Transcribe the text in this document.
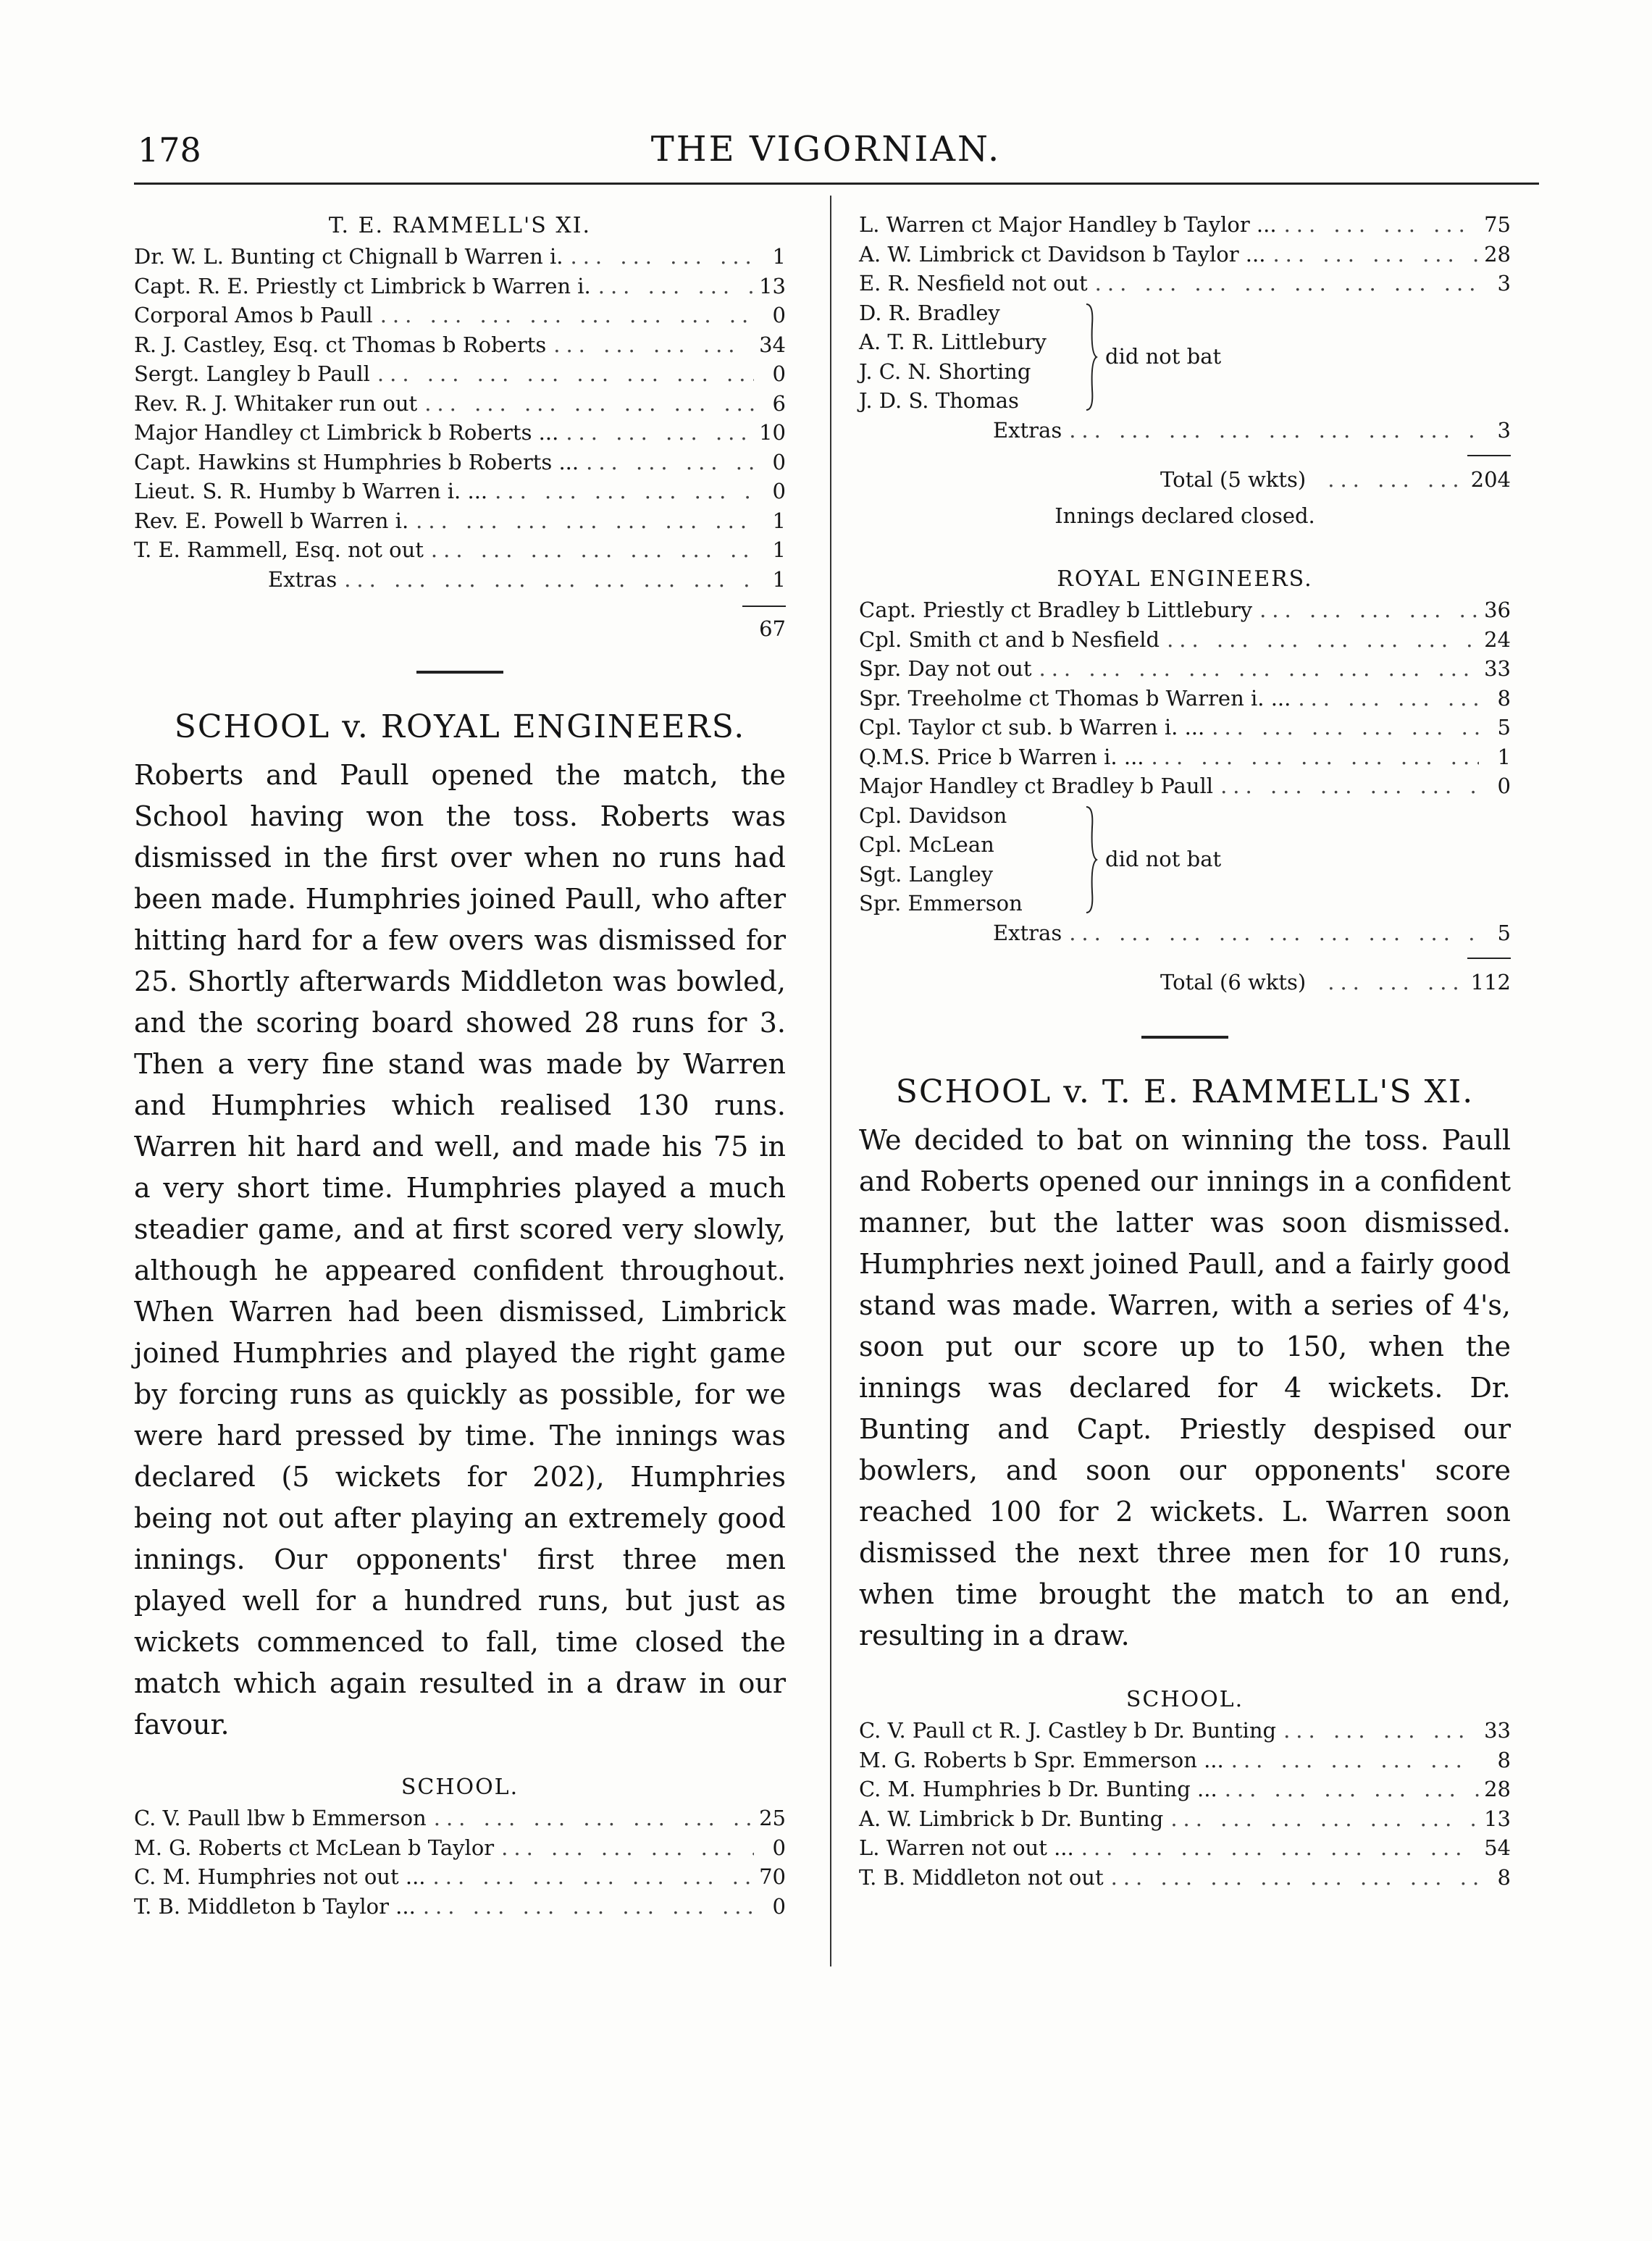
178	THE VIGORNIAN.
T. E. RAMMELL'S XI.
Dr. W. L. Bunting ct Chignall b Warren i. ... .	1
Capt. R. E. Priestly ct Limbrick b Warren i. ... .	13
Corporal Amos b Paull ... .	0
R. J. Castley, Esq. ct Thomas b Roberts ... .	34
Sergt. Langley b Paull ... .	0
Rev. R. J. Whitaker run out ... .	6
Major Handley ct Limbrick b Roberts ... ... .	10
Capt. Hawkins st Humphries b Roberts ... ... .	0
Lieut. S. R. Humby b Warren i. ... ... .	0
Rev. E. Powell b Warren i. ... .	1
T. E. Rammell, Esq. not out ... .	1
Extras ... .	1
67
SCHOOL v. ROYAL ENGINEERS.

Roberts and Paull opened the match, the School having won the toss. Roberts was dismissed in the first over when no runs had been made. Humphries joined Paull, who after hitting hard for a few overs was dismissed for 25. Shortly afterwards Middleton was bowled, and the scoring board showed 28 runs for 3. Then a very fine stand was made by Warren and Humphries which realised 130 runs. Warren hit hard and well, and made his 75 in a very short time. Humphries played a much steadier game, and at first scored very slowly, although he appeared confident throughout. When Warren had been dismissed, Limbrick joined Humphries and played the right game by forcing runs as quickly as possible, for we were hard pressed by time. The innings was declared (5 wickets for 202), Humphries being not out after playing an extremely good innings. Our opponents' first three men played well for a hundred runs, but just as wickets commenced to fall, time closed the match which again resulted in a draw in our favour.

SCHOOL.
C. V. Paull lbw b Emmerson ... .	25
M. G. Roberts ct McLean b Taylor ... .	0
C. M. Humphries not out ... ... .	70
T. B. Middleton b Taylor ... ... .	0
L. Warren ct Major Handley b Taylor ... ... .	75
A. W. Limbrick ct Davidson b Taylor ... ... .	28
E. R. Nesfield not out ... .	3
D. R. Bradley
A. T. R. Littlebury
J. C. N. Shorting
J. D. S. Thomas
did not bat
Extras ... .	3
Total (5 wkts) ... .	204
Innings declared closed.
ROYAL ENGINEERS.
Capt. Priestly ct Bradley b Littlebury ... .	36
Cpl. Smith ct and b Nesfield ... .	24
Spr. Day not out ... .	33
Spr. Treeholme ct Thomas b Warren i. ... ... .	8
Cpl. Taylor ct sub. b Warren i. ... ... .	5
Q.M.S. Price b Warren i. ... ... .	1
Major Handley ct Bradley b Paull ... .	0
Cpl. Davidson
Cpl. McLean
Sgt. Langley
Spr. Emmerson
did not bat
Extras ... .	5
Total (6 wkts) ... .	112
SCHOOL v. T. E. RAMMELL'S XI.

We decided to bat on winning the toss. Paull and Roberts opened our innings in a confident manner, but the latter was soon dismissed. Humphries next joined Paull, and a fairly good stand was made. Warren, with a series of 4's, soon put our score up to 150, when the innings was declared for 4 wickets. Dr. Bunting and Capt. Priestly despised our bowlers, and soon our opponents' score reached 100 for 2 wickets. L. Warren soon dismissed the next three men for 10 runs, when time brought the match to an end, resulting in a draw.

SCHOOL.
C. V. Paull ct R. J. Castley b Dr. Bunting ... .	33
M. G. Roberts b Spr. Emmerson ... ... .	8
C. M. Humphries b Dr. Bunting ... ... .	28
A. W. Limbrick b Dr. Bunting ... .	13
L. Warren not out ... ... .	54
T. B. Middleton not out ... .	8
